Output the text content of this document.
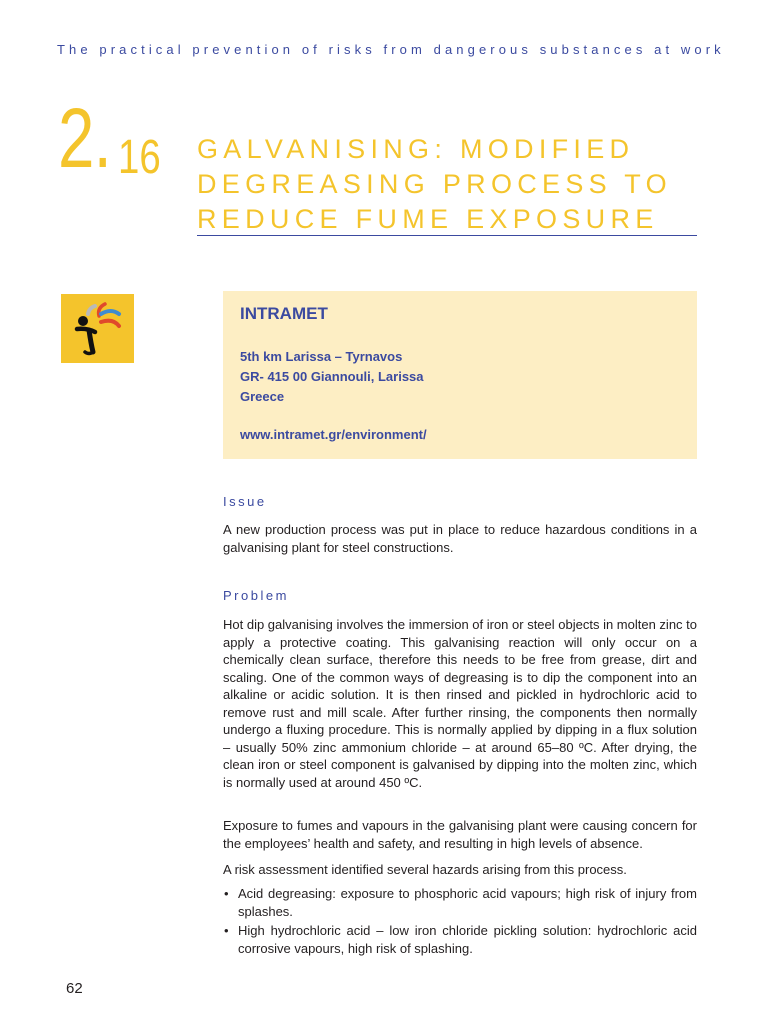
The practical prevention of risks from dangerous substances at work
2. 16 GALVANISING: MODIFIED DEGREASING PROCESS TO REDUCE FUME EXPOSURE
INTRAMET
5th km Larissa – Tyrnavos
GR- 415 00 Giannouli, Larissa
Greece
www.intramet.gr/environment/
Issue

A new production process was put in place to reduce hazardous conditions in a galvanising plant for steel constructions.

Problem

Hot dip galvanising involves the immersion of iron or steel objects in molten zinc to apply a protective coating. This galvanising reaction will only occur on a chemically clean surface, therefore this needs to be free from grease, dirt and scaling. One of the common ways of degreasing is to dip the component into an alkaline or acidic solution. It is then rinsed and pickled in hydrochloric acid to remove rust and mill scale. After further rinsing, the components then normally undergo a fluxing procedure. This is normally applied by dipping in a flux solution – usually 50% zinc ammonium chloride – at around 65–80 ºC. After drying, the clean iron or steel component is galvanised by dipping into the molten zinc, which is normally used at around 450 ºC.

Exposure to fumes and vapours in the galvanising plant were causing concern for the employees’ health and safety, and resulting in high levels of absence.

A risk assessment identified several hazards arising from this process.

• Acid degreasing: exposure to phosphoric acid vapours; high risk of injury from splashes.
• High hydrochloric acid – low iron chloride pickling solution: hydrochloric acid corrosive vapours, high risk of splashing.
62
